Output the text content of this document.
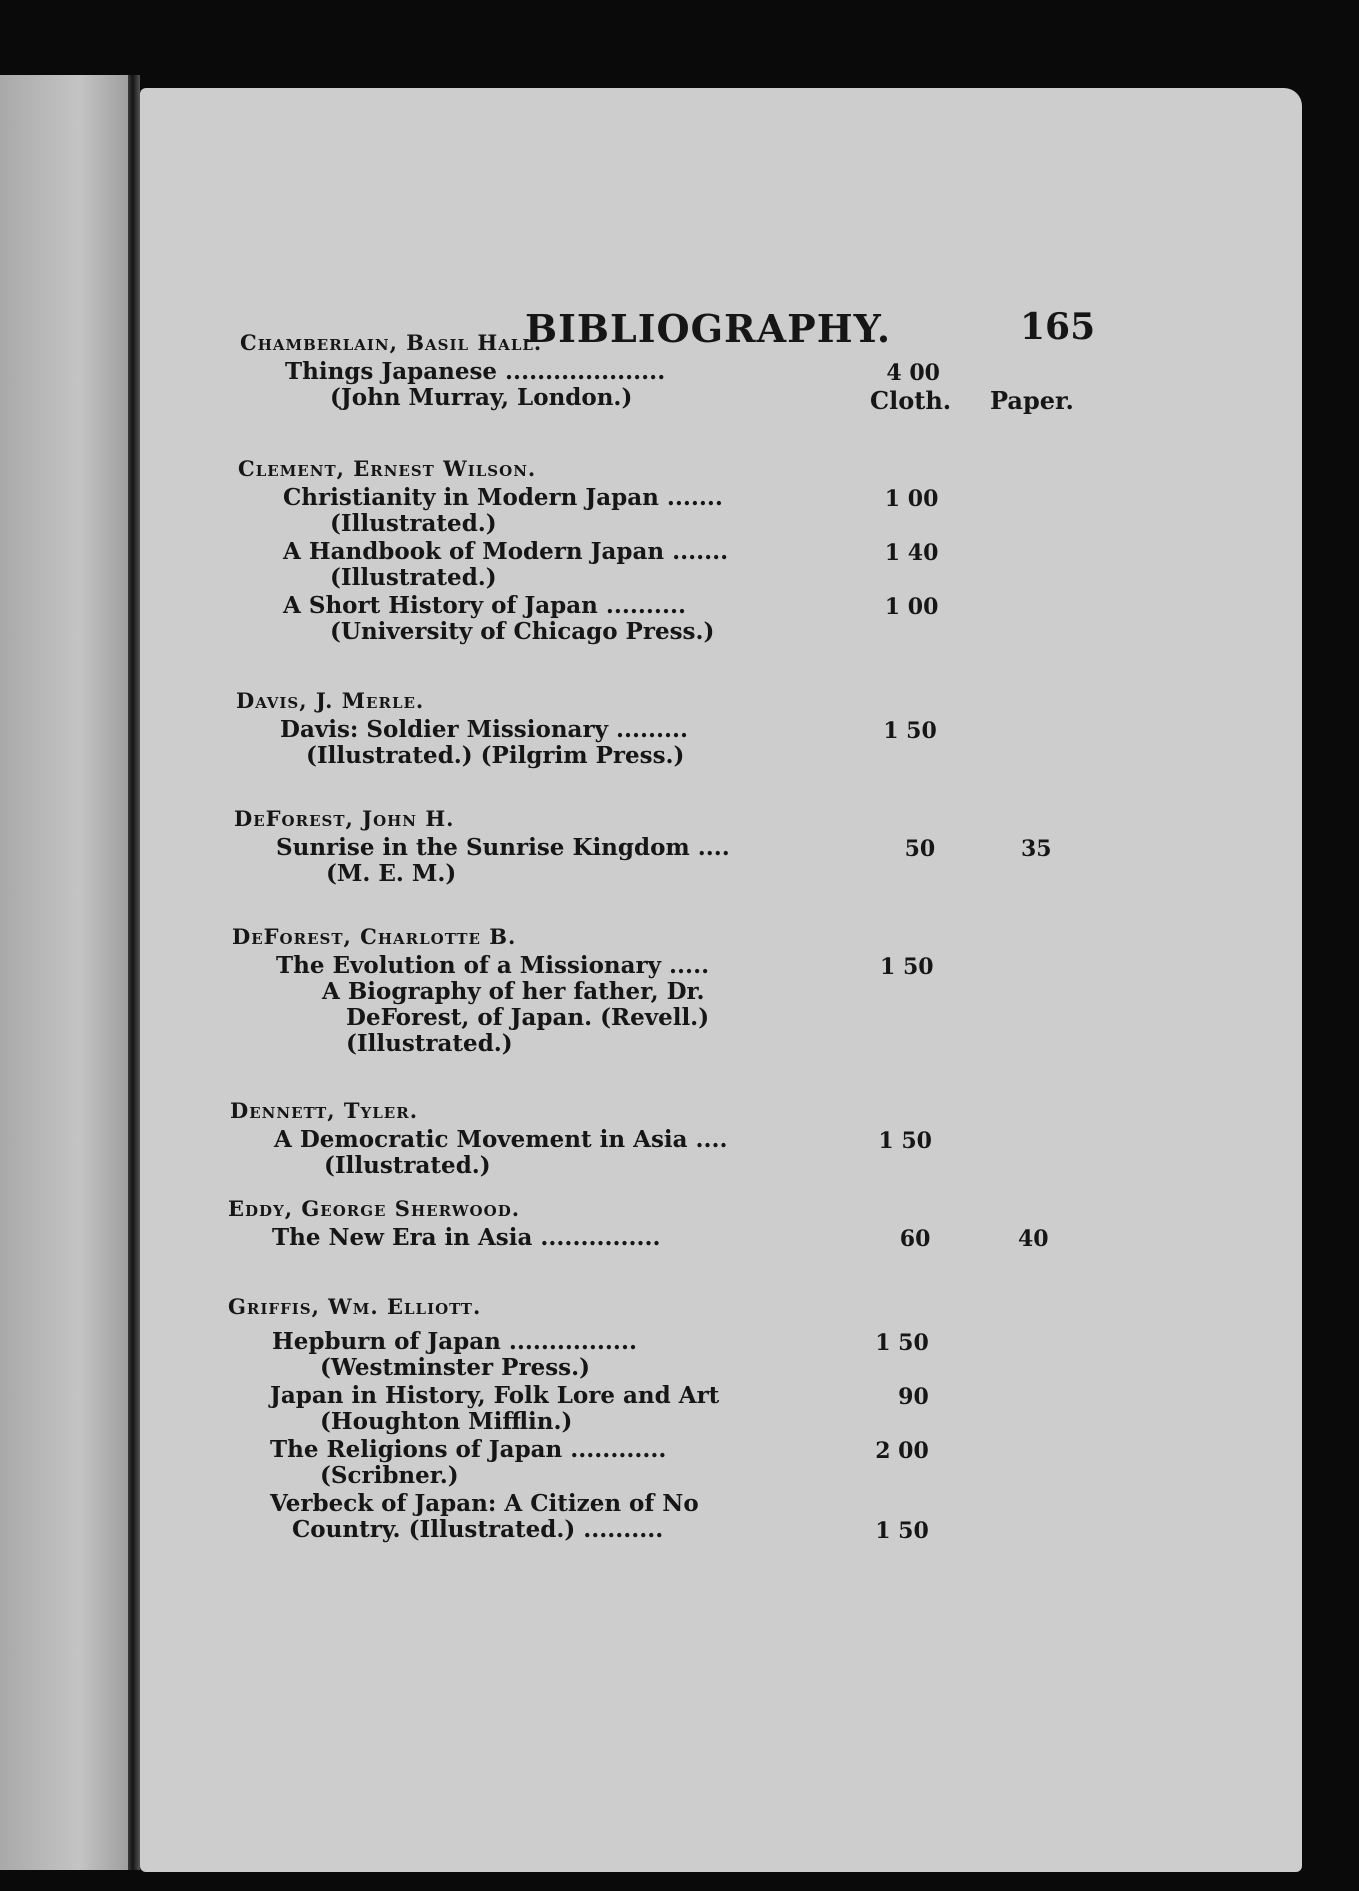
BIBLIOGRAPHY.	165
Cloth. Paper.
Chamberlain, Basil Hall.
Things Japanese ....................	4 00
(John Murray, London.)
Clement, Ernest Wilson.
Christianity in Modern Japan .......	1 00
(Illustrated.)
A Handbook of Modern Japan .......	1 40
(Illustrated.)
A Short History of Japan ..........	1 00
(University of Chicago Press.)
Davis, J. Merle.
Davis: Soldier Missionary .........	1 50
(Illustrated.) (Pilgrim Press.)
DeForest, John H.
Sunrise in the Sunrise Kingdom ....	50	35
(M. E. M.)
DeForest, Charlotte B.
The Evolution of a Missionary .....	1 50
A Biography of her father, Dr.
DeForest, of Japan. (Revell.)
(Illustrated.)
Dennett, Tyler.
A Democratic Movement in Asia ....	1 50
(Illustrated.)
Eddy, George Sherwood.
The New Era in Asia ...............	60	40
Griffis, Wm. Elliott.
Hepburn of Japan ................	1 50
(Westminster Press.)
Japan in History, Folk Lore and Art	90
(Houghton Mifflin.)
The Religions of Japan ............	2 00
(Scribner.)
Verbeck of Japan: A Citizen of No
Country. (Illustrated.) ..........	1 50
